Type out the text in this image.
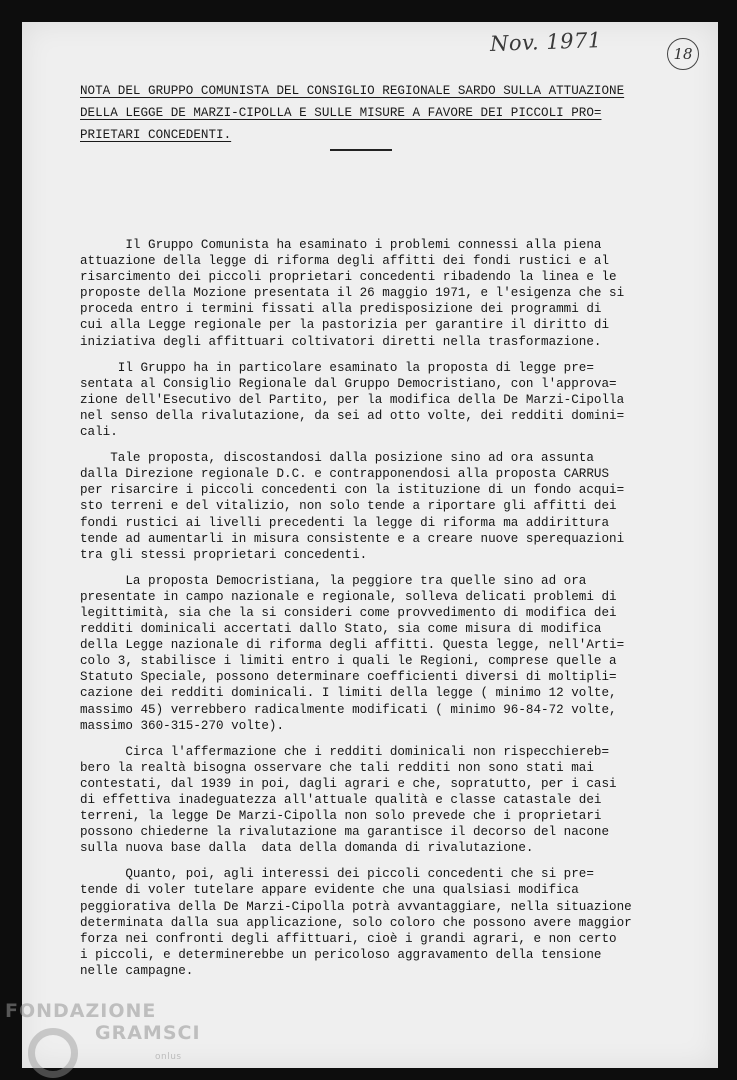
Nov. 1971	18
NOTA DEL GRUPPO COMUNISTA DEL CONSIGLIO REGIONALE SARDO SULLA ATTUAZIONE
DELLA LEGGE DE MARZI-CIPOLLA E SULLE MISURE A FAVORE DEI PICCOLI PRO=
PRIETARI CONCEDENTI.
Il Gruppo Comunista ha esaminato i problemi connessi alla piena
attuazione della legge di riforma degli affitti dei fondi rustici e al
risarcimento dei piccoli proprietari concedenti ribadendo la linea e le
proposte della Mozione presentata il 26 maggio 1971, e l'esigenza che si
proceda entro i termini fissati alla predisposizione dei programmi di
cui alla Legge regionale per la pastorizia per garantire il diritto di
iniziativa degli affittuari coltivatori diretti nella trasformazione.
Il Gruppo ha in particolare esaminato la proposta di legge pre=
sentata al Consiglio Regionale dal Gruppo Democristiano, con l'approva=
zione dell'Esecutivo del Partito, per la modifica della De Marzi-Cipolla
nel senso della rivalutazione, da sei ad otto volte, dei redditi domini=
cali.
Tale proposta, discostandosi dalla posizione sino ad ora assunta
dalla Direzione regionale D.C. e contrapponendosi alla proposta CARRUS
per risarcire i piccoli concedenti con la istituzione di un fondo acqui=
sto terreni e del vitalizio, non solo tende a riportare gli affitti dei
fondi rustici ai livelli precedenti la legge di riforma ma addirittura
tende ad aumentarli in misura consistente e a creare nuove sperequazioni
tra gli stessi proprietari concedenti.
La proposta Democristiana, la peggiore tra quelle sino ad ora
presentate in campo nazionale e regionale, solleva delicati problemi di
legittimità, sia che la si consideri come provvedimento di modifica dei
redditi dominicali accertati dallo Stato, sia come misura di modifica
della Legge nazionale di riforma degli affitti. Questa legge, nell'Arti=
colo 3, stabilisce i limiti entro i quali le Regioni, comprese quelle a
Statuto Speciale, possono determinare coefficienti diversi di moltipli=
cazione dei redditi dominicali. I limiti della legge ( minimo 12 volte,
massimo 45) verrebbero radicalmente modificati ( minimo 96-84-72 volte,
massimo 360-315-270 volte).
Circa l'affermazione che i redditi dominicali non rispecchiereb=
bero la realtà bisogna osservare che tali redditi non sono stati mai
contestati, dal 1939 in poi, dagli agrari e che, sopratutto, per i casi
di effettiva inadeguatezza all'attuale qualità e classe catastale dei
terreni, la legge De Marzi-Cipolla non solo prevede che i proprietari
possono chiederne la rivalutazione ma garantisce il decorso del nacone
sulla nuova base dalla  data della domanda di rivalutazione.
Quanto, poi, agli interessi dei piccoli concedenti che si pre=
tende di voler tutelare appare evidente che una qualsiasi modifica
peggiorativa della De Marzi-Cipolla potrà avvantaggiare, nella situazione
determinata dalla sua applicazione, solo coloro che possono avere maggior
forza nei confronti degli affittuari, cioè i grandi agrari, e non certo
i piccoli, e determinerebbe un pericoloso aggravamento della tensione
nelle campagne.
FONDAZIONE
GRAMSCI
onlus
